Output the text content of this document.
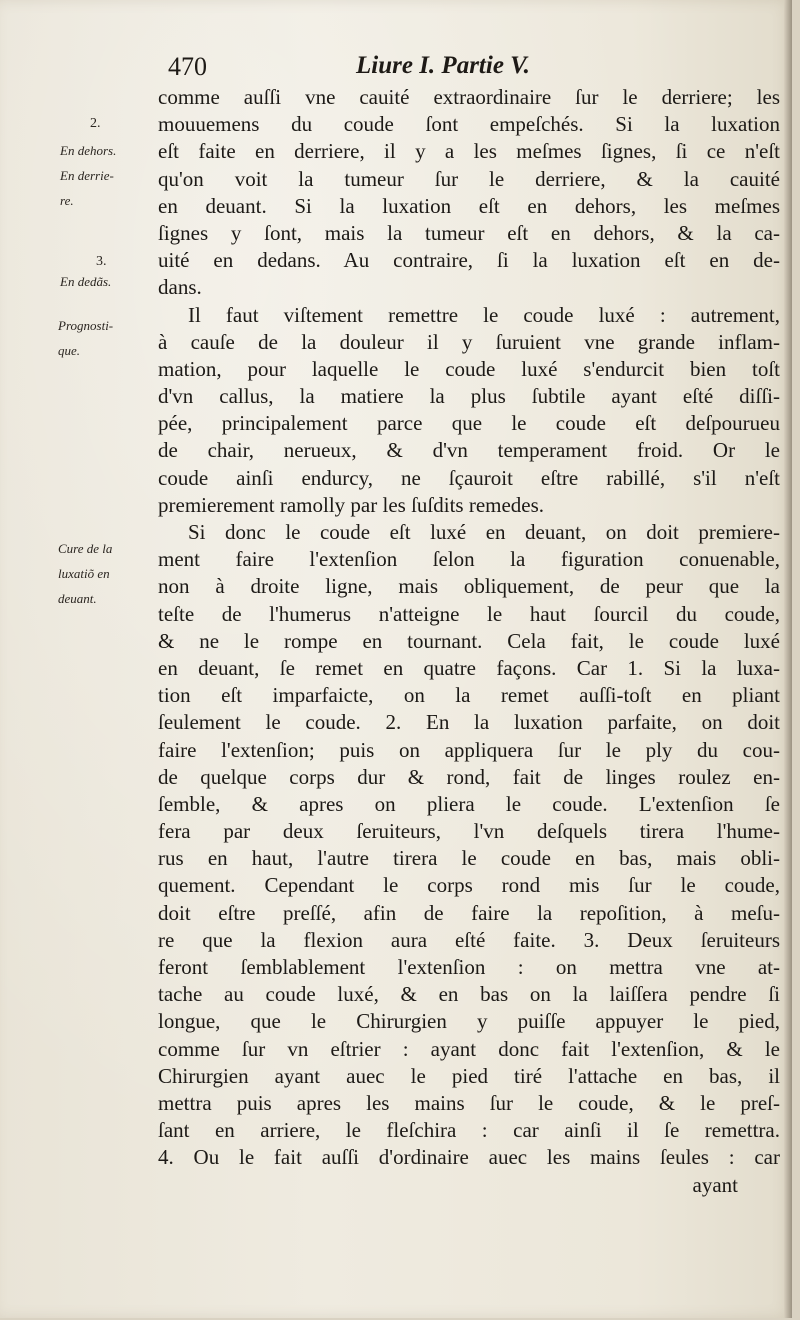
470	Liure I. Partie V.
2.
En dehors.
En derrie-
re.
3.
En dedãs.
Prognosti-
que.
Cure de la
luxatiõ en
deuant.
comme auſſi vne cauité extraordinaire ſur le derriere; les
mouuemens du coude ſont empeſchés. Si la luxation
eſt faite en derriere, il y a les meſmes ſignes, ſi ce n'eſt
qu'on voit la tumeur ſur le derriere, & la cauité
en deuant. Si la luxation eſt en dehors, les meſmes
ſignes y ſont, mais la tumeur eſt en dehors, & la ca-
uité en dedans. Au contraire, ſi la luxation eſt en de-
dans.
Il faut viſtement remettre le coude luxé : autrement,
à cauſe de la douleur il y ſuruient vne grande inflam-
mation, pour laquelle le coude luxé s'endurcit bien toſt
d'vn callus, la matiere la plus ſubtile ayant eſté diſſi-
pée, principalement parce que le coude eſt deſpourueu
de chair, nerueux, & d'vn temperament froid. Or le
coude ainſi endurcy, ne ſçauroit eſtre rabillé, s'il n'eſt
premierement ramolly par les ſuſdits remedes.
Si donc le coude eſt luxé en deuant, on doit premiere-
ment faire l'extenſion ſelon la figuration conuenable,
non à droite ligne, mais obliquement, de peur que la
teſte de l'humerus n'atteigne le haut ſourcil du coude,
& ne le rompe en tournant. Cela fait, le coude luxé
en deuant, ſe remet en quatre façons. Car 1. Si la luxa-
tion eſt imparfaicte, on la remet auſſi-toſt en pliant
ſeulement le coude. 2. En la luxation parfaite, on doit
faire l'extenſion; puis on appliquera ſur le ply du cou-
de quelque corps dur & rond, fait de linges roulez en-
ſemble, & apres on pliera le coude. L'extenſion ſe
fera par deux ſeruiteurs, l'vn deſquels tirera l'hume-
rus en haut, l'autre tirera le coude en bas, mais obli-
quement. Cependant le corps rond mis ſur le coude,
doit eſtre preſſé, afin de faire la repoſition, à meſu-
re que la flexion aura eſté faite. 3. Deux ſeruiteurs
feront ſemblablement l'extenſion : on mettra vne at-
tache au coude luxé, & en bas on la laiſſera pendre ſi
longue, que le Chirurgien y puiſſe appuyer le pied,
comme ſur vn eſtrier : ayant donc fait l'extenſion, & le
Chirurgien ayant auec le pied tiré l'attache en bas, il
mettra puis apres les mains ſur le coude, & le preſ-
ſant en arriere, le fleſchira : car ainſi il ſe remettra.
4. Ou le fait auſſi d'ordinaire auec les mains ſeules : car
ayant
